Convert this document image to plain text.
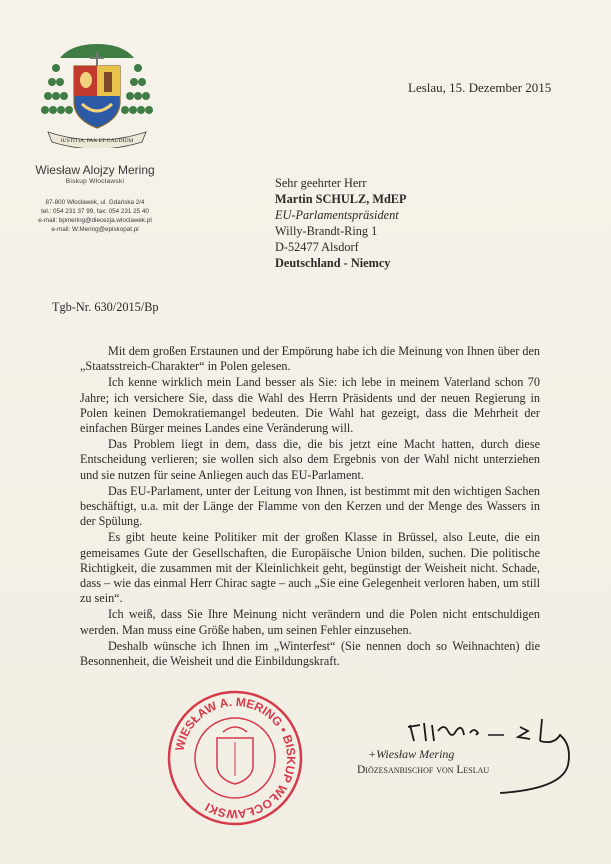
IUSTITIA, PAX ET GAUDIUM
Wiesław Alojzy Mering
Biskup Włocławski
87-800 Włocławek, ul. Gdańska 2/4
tel.: 054 231 37 99, fax: 054 231 25 40
e-mail: bpmering@diecezja.wloclawek.pl
e-mail: W.Mering@episkopat.pl
Leslau, 15. Dezember 2015
Sehr geehrter Herr
Martin SCHULZ, MdEP
EU-Parlamentspräsident
Willy-Brandt-Ring 1
D-52477 Alsdorf
Deutschland - Niemcy
Tgb-Nr. 630/2015/Bp

Mit dem großen Erstaunen und der Empörung habe ich die Meinung von Ihnen über den „Staatsstreich-Charakter“ in Polen gelesen.

Ich kenne wirklich mein Land besser als Sie: ich lebe in meinem Vaterland schon 70 Jahre; ich versichere Sie, dass die Wahl des Herrn Präsidents und der neuen Regierung in Polen keinen Demokratiemangel bedeuten. Die Wahl hat gezeigt, dass die Mehrheit der einfachen Bürger meines Landes eine Veränderung will.

Das Problem liegt in dem, dass die, die bis jetzt eine Macht hatten, durch diese Entscheidung verlieren; sie wollen sich also dem Ergebnis von der Wahl nicht unterziehen und sie nutzen für seine Anliegen auch das EU-Parlament.

Das EU-Parlament, unter der Leitung von Ihnen, ist bestimmt mit den wichtigen Sachen beschäftigt, u.a. mit der Länge der Flamme von den Kerzen und der Menge des Wassers in der Spülung.

Es gibt heute keine Politiker mit der großen Klasse in Brüssel, also Leute, die ein gemeisames Gute der Gesellschaften, die Europäische Union bilden, suchen. Die politische Richtigkeit, die zusammen mit der Kleinlichkeit geht, begünstigt der Weisheit nicht. Schade, dass – wie das einmal Herr Chirac sagte – auch „Sie eine Gelegenheit verloren haben, um still zu sein“.

Ich weiß, dass Sie Ihre Meinung nicht verändern und die Polen nicht entschuldigen werden. Man muss eine Größe haben, um seinen Fehler einzusehen.

Deshalb wünsche ich Ihnen im „Winterfest“ (Sie nennen doch so Weihnachten) die Besonnenheit, die Weisheit und die Einbildungskraft.

WIESŁAW A. MERING • BISKUP WŁOCŁAWSKI
+Wiesław Mering
Diözesanbischof von Leslau
